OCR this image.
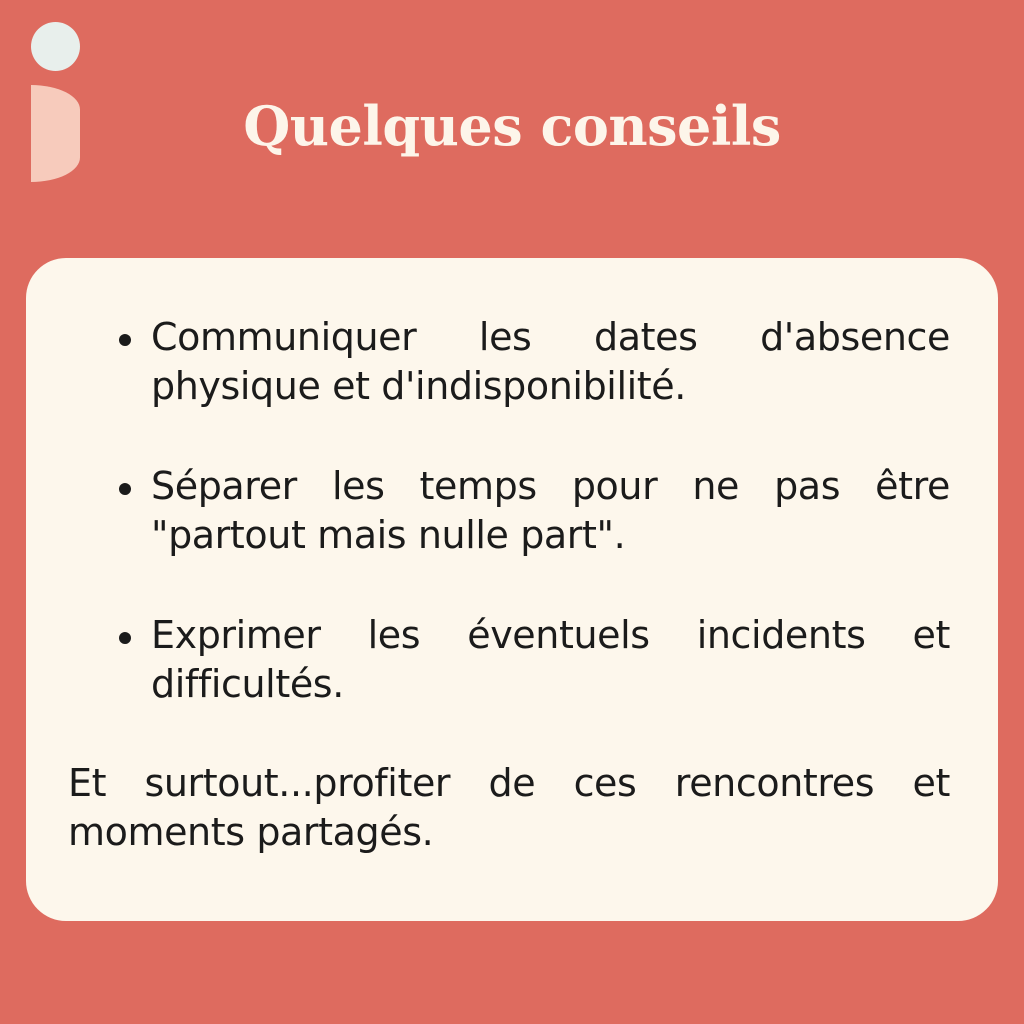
Quelques conseils
Communiquer les dates d'absence physique et d'indisponibilité.
Séparer les temps pour ne pas être "partout mais nulle part".
Exprimer les éventuels incidents et difficultés.

Et surtout...profiter de ces rencontres et moments partagés.
